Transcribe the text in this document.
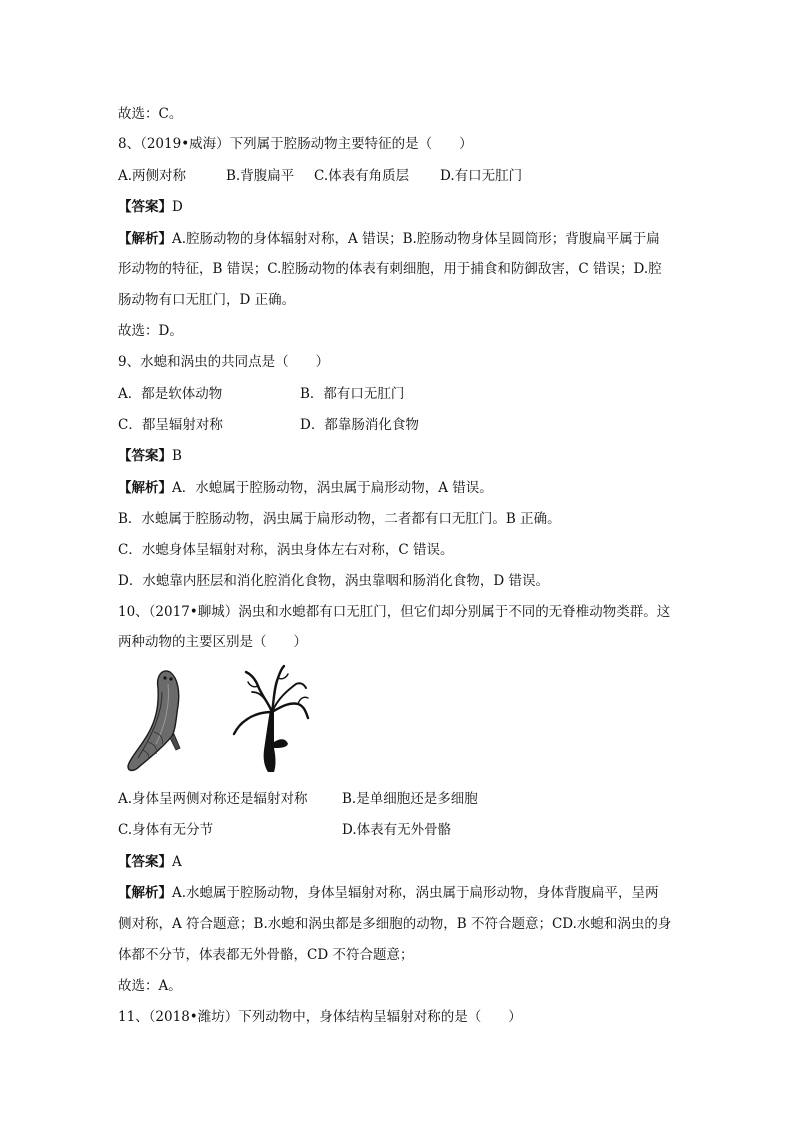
故选：C。
8、（2019•威海）下列属于腔肠动物主要特征的是（　　）
A.两侧对称	B.背腹扁平 C.体表有角质层 D.有口无肛门
【答案】D
【解析】A.腔肠动物的身体辐射对称，A 错误；B.腔肠动物身体呈圆筒形；背腹扁平属于扁
形动物的特征，B 错误；C.腔肠动物的体表有刺细胞，用于捕食和防御敌害，C 错误；D.腔
肠动物有口无肛门，D 正确。
故选：D。
9、水螅和涡虫的共同点是（　　）
A．都是软体动物	B．都有口无肛门
C．都呈辐射对称	D．都靠肠消化食物
【答案】B
【解析】A．水螅属于腔肠动物，涡虫属于扁形动物，A 错误。
B．水螅属于腔肠动物，涡虫属于扁形动物，二者都有口无肛门。B 正确。
C．水螅身体呈辐射对称，涡虫身体左右对称，C 错误。
D．水螅靠内胚层和消化腔消化食物，涡虫靠咽和肠消化食物，D 错误。
10、（2017•聊城）涡虫和水螅都有口无肛门，但它们却分别属于不同的无脊椎动物类群。这
两种动物的主要区别是（　　）
A.身体呈两侧对称还是辐射对称	B.是单细胞还是多细胞
C.身体有无分节	D.体表有无外骨骼
【答案】A
【解析】A.水螅属于腔肠动物，身体呈辐射对称，涡虫属于扁形动物，身体背腹扁平，呈两
侧对称，A 符合题意；B.水螅和涡虫都是多细胞的动物，B 不符合题意；CD.水螅和涡虫的身
体都不分节，体表都无外骨骼，CD 不符合题意；
故选：A。
11、（2018•潍坊）下列动物中，身体结构呈辐射对称的是（　　）
